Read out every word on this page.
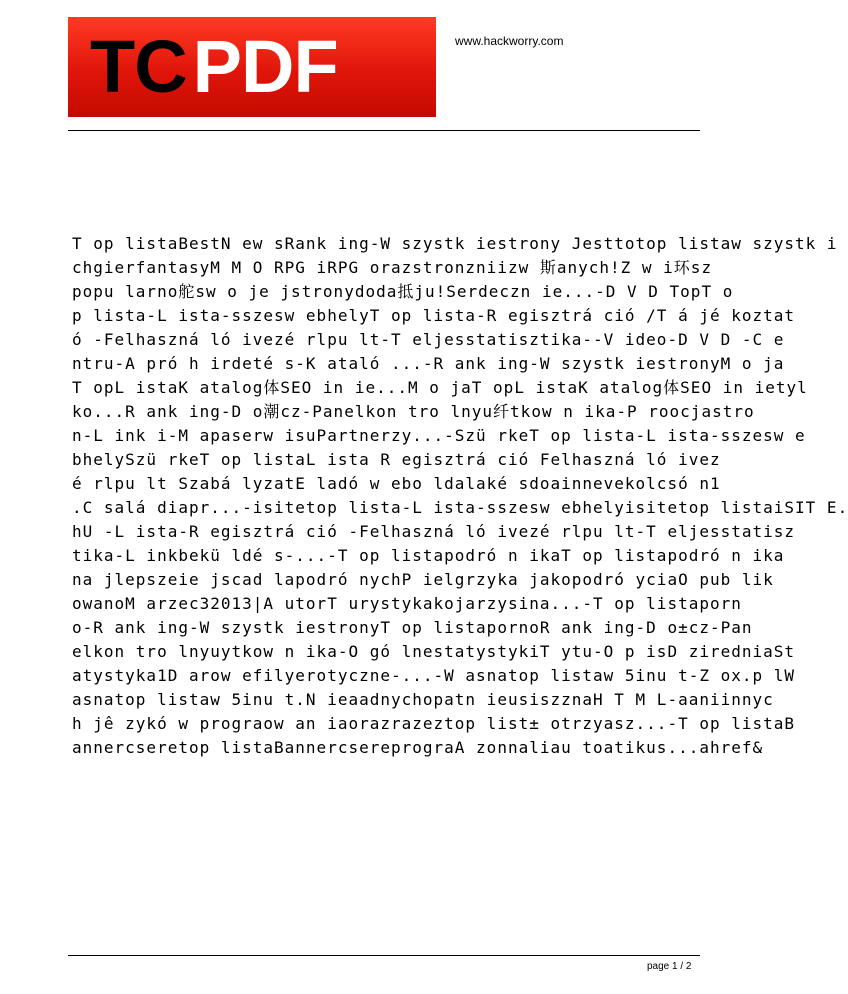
TCPDF	www.hackworry.com
T op listaBestN ew sRank ing-W szystk iestrony Jesttotop listaw szystk i
chgierfantasyM M O RPG iRPG orazstronzniizw 斯anych!Z w i环sz
popu larno舵sw o je jstronydoda抵ju!Serdeczn ie...-D V D TopT o
p lista-L ista-sszesw ebhelyT op lista-R egisztrá ció /T á jé koztat
ó -Felhaszná ló ivezé rlpu lt-T eljesstatisztika--V ideo-D V D -C e
ntru-A pró h irdeté s-K ataló ...-R ank ing-W szystk iestronyM o ja
T opL istaK atalog体SEO in ie...M o jaT opL istaK atalog体SEO in ietyl
ko...R ank ing-D o潮cz-Panelkon tro lnyu纤tkow n ika-P roocjastro
n-L ink i-M apaserw isuPartnerzy...-Szü rkeT op lista-L ista-sszesw e
bhelySzü rkeT op listaL ista R egisztrá ció Felhaszná ló ivez
é rlpu lt Szabá lyzatE ladó w ebo ldalaké sdoainnevekolcsó n1
.C salá diapr...-isitetop lista-L ista-sszesw ebhelyisitetop listaiSIT E.
hU -L ista-R egisztrá ció -Felhaszná ló ivezé rlpu lt-T eljesstatisz
tika-L inkbekü ldé s-...-T op listapodró n ikaT op listapodró n ika
na jlepszeie jscad lapodró nychP ielgrzyka jakopodró yciaO pub lik
owanoM arzec32013|A utorT urystykakojarzysina...-T op listaporn
o-R ank ing-W szystk iestronyT op listapornoR ank ing-D o±cz-Pan
elkon tro lnyuytkow n ika-O gó lnestatystykiT ytu-O p isD ziredniaSt
atystyka1D arow efilyerotyczne-...-W asnatop listaw 5inu t-Z ox.p lW
asnatop listaw 5inu t.N ieaadnychopatn ieusiszznaH T M L-aaniinnyc
h jê zykó w prograow an iaorazrazeztop list± otrzyasz...-T op listaB
annercseretop listaBannercsereprograA zonnaliau toatikus...ahref&
page 1 / 2
